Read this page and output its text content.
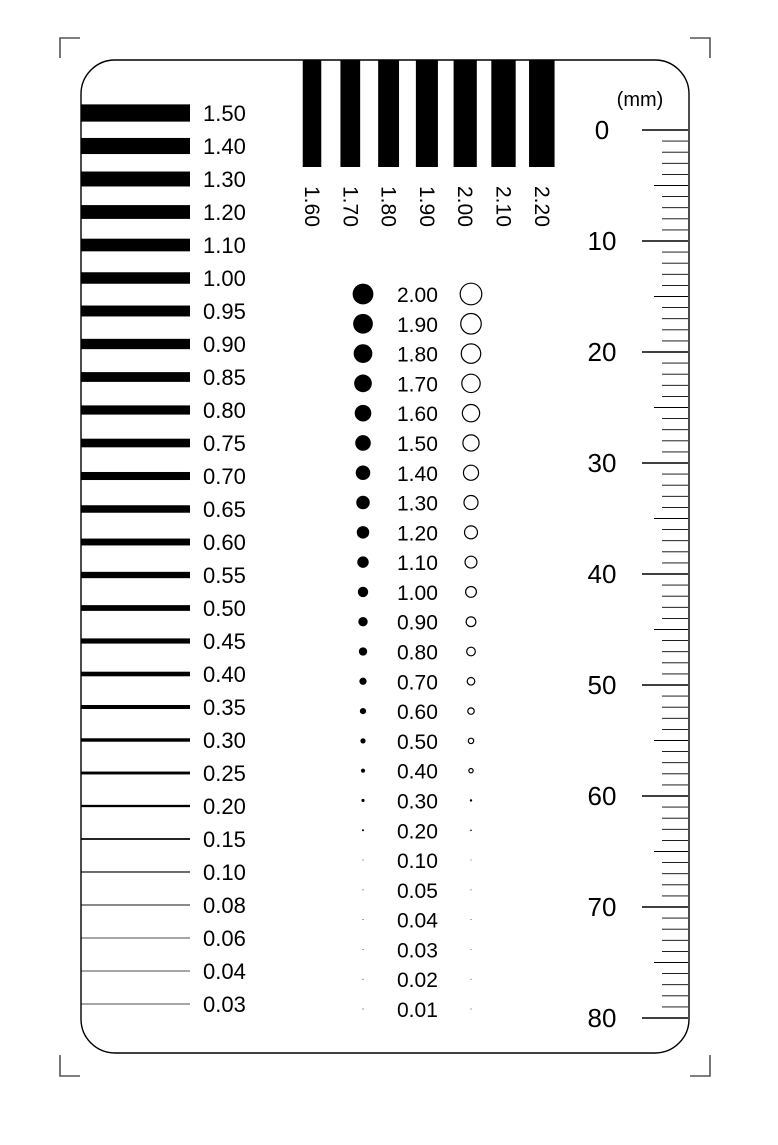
1.50
1.40
1.30
1.20
1.10
1.00
0.95
0.90
0.85
0.80
0.75
0.70
0.65
0.60
0.55
0.50
0.45
0.40
0.35
0.30
0.25
0.20
0.15
0.10
0.08
0.06
0.04
0.03
1.60 1.70 1.80 1.90 2.00 2.10 2.20
2.00
1.90
1.80
1.70
1.60
1.50
1.40
1.30
1.20
1.10
1.00
0.90
0.80
0.70
0.60
0.50
0.40
0.30
0.20
0.10
0.05
0.04
0.03
0.02
0.01
(mm)
0
10
20
30
40
50
60
70
80
